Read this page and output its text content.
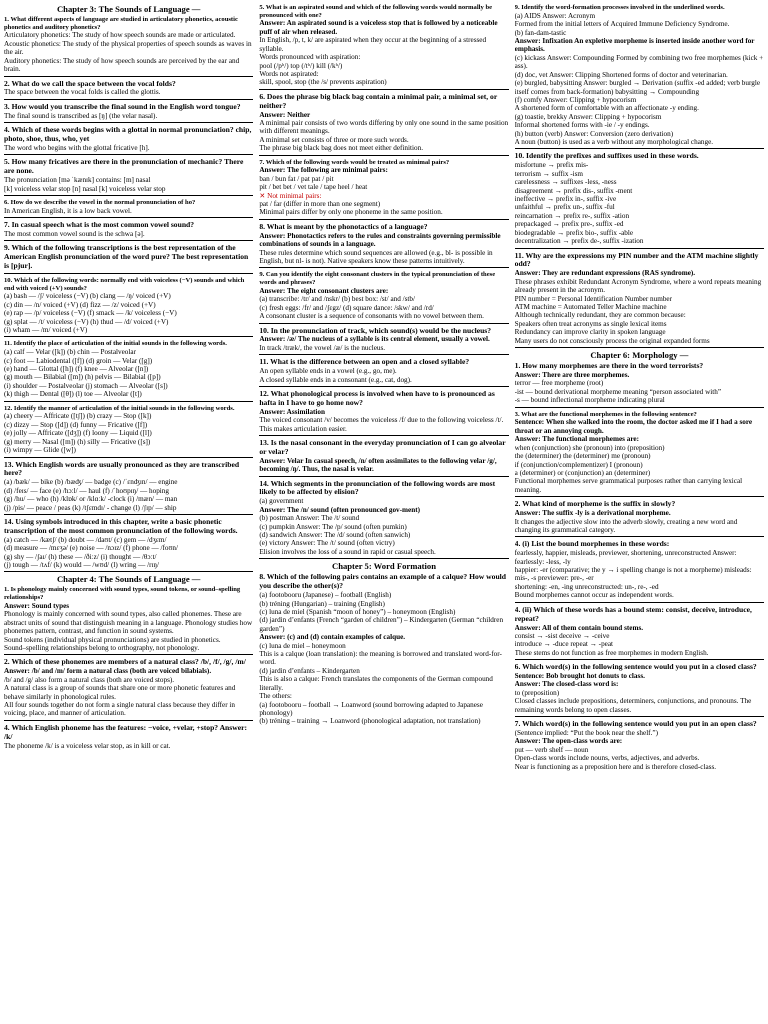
Chapter 3: The Sounds of Language —
1. What different aspects of language are studied in articulatory phonetics, acoustic phonetics and auditory phonetics?
Articulatory phonetics: The study of how speech sounds are made or articulated.
Acoustic phonetics: The study of the physical properties of speech sounds as waves in the air.
Auditory phonetics: The study of how speech sounds are perceived by the ear and brain.
2. What do we call the space between the vocal folds?
The space between the vocal folds is called the glottis.
3. How would you transcribe the final sound in the English word tongue?
The final sound is transcribed as [ŋ] (the velar nasal).
4. Which of these words begins with a glottal in normal pronunciation? chip, photo, shoe, thus, who, yet
The word who begins with the glottal fricative [h].
5. How many fricatives are there in the pronunciation of mechanic? There are none.
The pronunciation [mə ˈkænɪk] contains: [m] nasal
[k] voiceless velar stop [n] nasal [k] voiceless velar stop
6. How do we describe the vowel in the normal pronunciation of ho?
In American English, it is a low back vowel.
7. In casual speech what is the most common vowel sound?
The most common vowel sound is the schwa [ə].
9. Which of the following transcriptions is the best representation of the American English pronunciation of the word pure? The best representation is [pjur].
10. Which of the following words: normally end with voiceless (−V) sounds and which end with voiced (+V) sounds?
(a) bash — /ʃ/ voiceless (−V) (b) clang — /ŋ/ voiced (+V)
(c) din — /n/ voiced (+V) (d) fizz — /z/ voiced (+V)
(e) rap — /p/ voiceless (−V) (f) smack — /k/ voiceless (−V)
(g) splat — /t/ voiceless (−V) (h) thud — /d/ voiced (+V)
(i) wham — /m/ voiced (+V)
11. Identify the place of articulation of the initial sounds in the following words.
(a) calf — Velar ([k]) (b) chin — Postalveolar
(c) foot — Labiodental ([f]) (d) groin — Velar ([g])
(e) hand — Glottal ([h]) (f) knee — Alveolar ([n])
(g) mouth — Bilabial ([m]) (h) pelvis — Bilabial ([p])
(i) shoulder — Postalveolar (j) stomach — Alveolar ([s])
(k) thigh — Dental ([θ]) (l) toe — Alveolar ([t])
12. Identify the manner of articulation of the initial sounds in the following words.
(a) cheery — Affricate ([tʃ]) (b) crazy — Stop ([k])
(c) dizzy — Stop ([d]) (d) funny — Fricative ([f])
(e) jolly — Affricate ([dʒ]) (f) loony — Liquid ([l])
(g) merry — Nasal ([m]) (h) silly — Fricative ([s])
(i) wimpy — Glide ([w])
13. Which English words are usually pronounced as they are transcribed here?
(a) /bæk/ — bike (b) /bæʤ/ — badge (c) /ˈɛnʤɪn/ — engine
(d) /feɪs/ — face (e) /hɔːl/ — haul (f) /ˈhoʊpɪŋ/ — hoping
(g) /hu/ — who (h) /klɒk/ or /klɑːk/ -clock (i) /mæn/ — man
(j) /pis/ — peace / peas (k) /tʃɛmdɪ/ - change (l) /ʃɪp/ — ship
14. Using symbols introduced in this chapter, write a basic phonetic transcription of the most common pronunciation of the following words.
(a) catch — /kætʃ/ (b) doubt — /daʊt/ (c) gem — /dʒɛm/
(d) measure — /mɛʒə/ (e) noise — /nɔɪz/ (f) phone — /foʊn/
(g) shy — /ʃaɪ/ (h) these — /ðiːz/ (i) thought — /θɔːt/
(j) tough — /tʌf/ (k) would — /wʊd/ (l) wring — /rɪŋ/
Chapter 4: The Sounds of Language —
1. Is phonology mainly concerned with sound types, sound tokens, or sound–spelling relationships?
Answer: Sound types
Phonology is mainly concerned with sound types, also called phonemes. These are abstract units of sound that distinguish meaning in a language. Phonology studies how phonemes pattern, contrast, and function in sound systems.
Sound tokens (individual physical pronunciations) are studied in phonetics.
Sound–spelling relationships belong to orthography, not phonology.
2. Which of these phonemes are members of a natural class? /b/, /f/, /g/, /m/
Answer: /b/ and /m/ form a natural class (both are voiced bilabials).
/b/ and /g/ also form a natural class (both are voiced stops).
A natural class is a group of sounds that share one or more phonetic features and behave similarly in phonological rules.
All four sounds together do not form a single natural class because they differ in voicing, place, and manner of articulation.
4. Which English phoneme has the features: −voice, +velar, +stop? Answer: /k/
The phoneme /k/ is a voiceless velar stop, as in kill or cat.
5. What is an aspirated sound and which of the following words would normally be pronounced with one?
Answer: An aspirated sound is a voiceless stop that is followed by a noticeable puff of air when released.
In English, /p, t, k/ are aspirated when they occur at the beginning of a stressed syllable.
Words pronounced with aspiration:
pool (/pʰ/) top (/tʰ/) kill (/kʰ/)
Words not aspirated:
skill, spool, stop (the /s/ prevents aspiration)
6. Does the phrase big black bag contain a minimal pair, a minimal set, or neither?
Answer: Neither
A minimal pair consists of two words differing by only one sound in the same position with different meanings.
A minimal set consists of three or more such words.
The phrase big black bag does not meet either definition.
7. Which of the following words would be treated as minimal pairs?
Answer: The following are minimal pairs:
ban / bun fat / pat pat / pit
pit / bet bet / vet tale / tape heel / heat
✕ Not minimal pairs:
pat / far (differ in more than one segment)
Minimal pairs differ by only one phoneme in the same position.
8. What is meant by the phonotactics of a language?
Answer: Phonotactics refers to the rules and constraints governing permissible combinations of sounds in a language.
These rules determine which sound sequences are allowed (e.g., bl- is possible in English, but nl- is not). Native speakers know these patterns intuitively.
9. Can you identify the eight consonant clusters in the typical pronunciation of these words and phrases?
Answer: The eight consonant clusters are:
(a) transcribe: /tr/ and /nskr/ (b) best box: /st/ and /stb/
(c) fresh eggs: /fr/ and /ʃɛgz/ (d) square dance: /skw/ and /rd/
A consonant cluster is a sequence of consonants with no vowel between them.
10. In the pronunciation of track, which sound(s) would be the nucleus?
Answer: /æ/ The nucleus of a syllable is its central element, usually a vowel.
In track /træk/, the vowel /æ/ is the nucleus.
11. What is the difference between an open and a closed syllable?
An open syllable ends in a vowel (e.g., go, me).
A closed syllable ends in a consonant (e.g., cat, dog).
12. What phonological process is involved when have to is pronounced as hafta in I have to go home now?
Answer: Assimilation
The voiced consonant /v/ becomes the voiceless /f/ due to the following voiceless /t/. This makes articulation easier.
13. Is the nasal consonant in the everyday pronunciation of I can go alveolar or velar?
Answer: Velar In casual speech, /n/ often assimilates to the following velar /g/, becoming /ŋ/. Thus, the nasal is velar.
14. Which segments in the pronunciation of the following words are most likely to be affected by elision?
(a) government
Answer: The /n/ sound (often pronounced gov-ment)
(b) postman Answer: The /t/ sound
(c) pumpkin Answer: The /p/ sound (often pumkin)
(d) sandwich Answer: The /d/ sound (often sanwich)
(e) victory Answer: The /t/ sound (often victry)
Elision involves the loss of a sound in rapid or casual speech.
Chapter 5: Word Formation
8. Which of the following pairs contains an example of a calque? How would you describe the other(s)?
(a) footobooru (Japanese) – football (English)
(b) tréning (Hungarian) – training (English)
(c) luna de miel (Spanish “moon of honey”) – honeymoon (English)
(d) jardin d’enfants (French “garden of children”) – Kindergarten (German “children garden”)
Answer: (c) and (d) contain examples of calque.
(c) luna de miel – honeymoon
This is a calque (loan translation): the meaning is borrowed and translated word-for-word.
(d) jardin d’enfants – Kindergarten
This is also a calque: French translates the components of the German compound literally.
The others:
(a) footobooru – football → Loanword (sound borrowing adapted to Japanese phonology)
(b) tréning – training → Loanword (phonological adaptation, not translation)
9. Identify the word-formation processes involved in the underlined words.
(a) AIDS Answer: Acronym
Formed from the initial letters of Acquired Immune Deficiency Syndrome.
(b) fan-dam-tastic
Answer: Infixation An expletive morpheme is inserted inside another word for emphasis.
(c) kickass Answer: Compounding Formed by combining two free morphemes (kick + ass).
(d) doc, vet Answer: Clipping Shortened forms of doctor and veterinarian.
(e) burgled, babysitting Answer: burgled → Derivation (suffix -ed added; verb burgle itself comes from back-formation) babysitting → Compounding
(f) comfy Answer: Clipping + hypocorism
A shortened form of comfortable with an affectionate -y ending.
(g) toastie, brekky Answer: Clipping + hypocorism
Informal shortened forms with -ie / -y endings.
(h) button (verb) Answer: Conversion (zero derivation)
A noun (button) is used as a verb without any morphological change.
10. Identify the prefixes and suffixes used in these words.
misfortune → prefix mis-
terrorism → suffix -ism
carelessness → suffixes -less, -ness
disagreement → prefix dis-, suffix -ment
ineffective → prefix in-, suffix -ive
unfaithful → prefix un-, suffix -ful
reincarnation → prefix re-, suffix -ation
prepackaged → prefix pre-, suffix -ed
biodegradable → prefix bio-, suffix -able
decentralization → prefix de-, suffix -ization
11. Why are the expressions my PIN number and the ATM machine slightly odd?
Answer: They are redundant expressions (RAS syndrome).
These phrases exhibit Redundant Acronym Syndrome, where a word repeats meaning already present in the acronym.
PIN number = Personal Identification Number number
ATM machine = Automated Teller Machine machine
Although technically redundant, they are common because:
Speakers often treat acronyms as single lexical items
Redundancy can improve clarity in spoken language
Many users do not consciously process the original expanded forms
Chapter 6: Morphology —
1. How many morphemes are there in the word terrorists?
Answer: There are three morphemes.
terror — free morpheme (root)
-ist — bound derivational morpheme meaning “person associated with”
-s — bound inflectional morpheme indicating plural
3. What are the functional morphemes in the following sentence?
Sentence: When she walked into the room, the doctor asked me if I had a sore throat or an annoying cough.
Answer: The functional morphemes are:
when (conjunction) she (pronoun) into (preposition)
the (determiner) the (determiner) me (pronoun)
if (conjunction/complementizer) I (pronoun)
a (determiner) or (conjunction) an (determiner)
Functional morphemes serve grammatical purposes rather than carrying lexical meaning.
2. What kind of morpheme is the suffix in slowly?
Answer: The suffix -ly is a derivational morpheme.
It changes the adjective slow into the adverb slowly, creating a new word and changing its grammatical category.
4. (i) List the bound morphemes in these words:
fearlessly, happier, misleads, previewer, shortening, unreconstructed Answer: fearlessly: -less, -ly
happier: -er (comparative; the y → i spelling change is not a morpheme) misleads: mis-, -s previewer: pre-, -er
shortening: -en, -ing unreconstructed: un-, re-, -ed
Bound morphemes cannot occur as independent words.
4. (ii) Which of these words has a bound stem: consist, deceive, introduce, repeat?
Answer: All of them contain bound stems.
consist → -sist deceive → -ceive
introduce → -duce repeat → -peat
These stems do not function as free morphemes in modern English.
6. Which word(s) in the following sentence would you put in a closed class?
Sentence: Bob brought hot donuts to class.
Answer: The closed-class word is:
to (preposition)
Closed classes include prepositions, determiners, conjunctions, and pronouns. The remaining words belong to open classes.
7. Which word(s) in the following sentence would you put in an open class?
(Sentence implied: “Put the book near the shelf.”)
Answer: The open-class words are:
put — verb shelf — noun
Open-class words include nouns, verbs, adjectives, and adverbs.
Near is functioning as a preposition here and is therefore closed-class.
